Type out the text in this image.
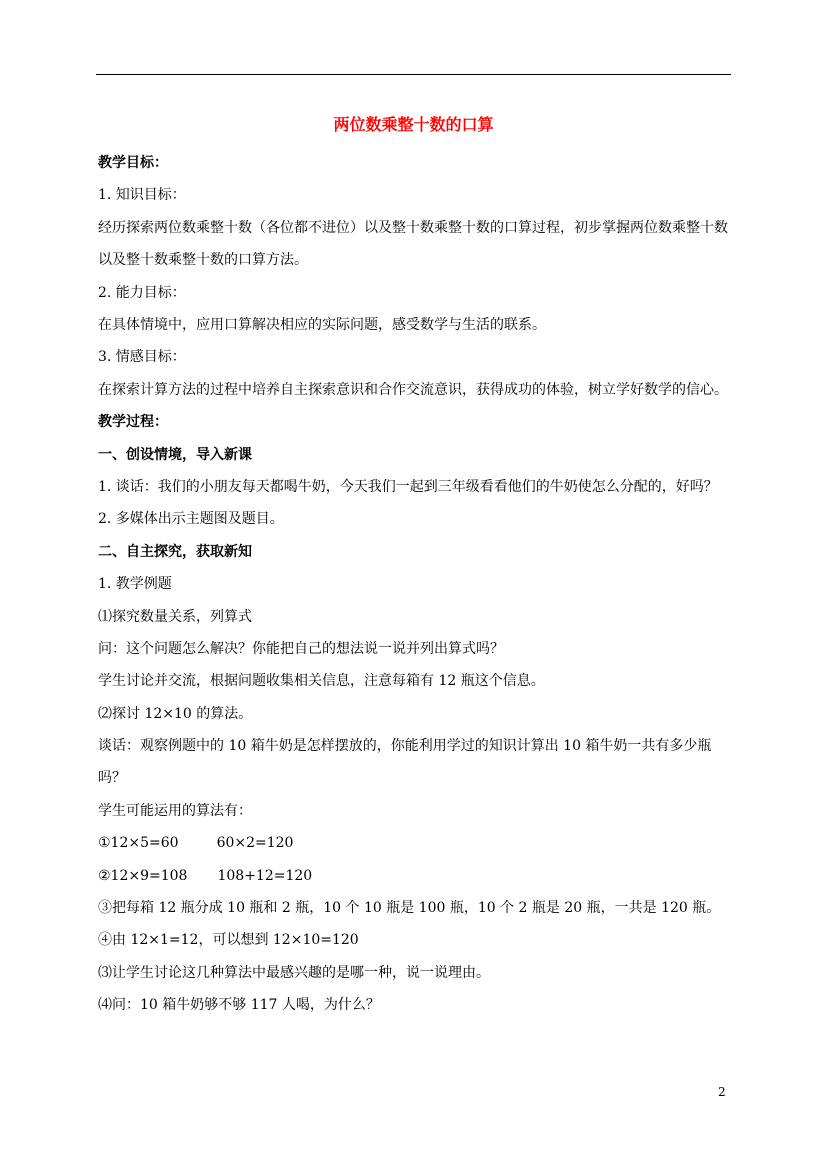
两位数乘整十数的口算
教学目标：
1. 知识目标：
经历探索两位数乘整十数（各位都不进位）以及整十数乘整十数的口算过程，初步掌握两位数乘整十数以及整十数乘整十数的口算方法。
2. 能力目标：
在具体情境中，应用口算解决相应的实际问题，感受数学与生活的联系。
3. 情感目标：
在探索计算方法的过程中培养自主探索意识和合作交流意识，获得成功的体验，树立学好数学的信心。
教学过程：
一、创设情境，导入新课
1. 谈话：我们的小朋友每天都喝牛奶，今天我们一起到三年级看看他们的牛奶使怎么分配的，好吗？
2. 多媒体出示主题图及题目。
二、自主探究，获取新知
1. 教学例题
⑴探究数量关系，列算式
问：这个问题怎么解决？你能把自己的想法说一说并列出算式吗？
学生讨论并交流，根据问题收集相关信息，注意每箱有 12 瓶这个信息。
⑵探讨 12×10 的算法。
谈话：观察例题中的 10 箱牛奶是怎样摆放的，你能利用学过的知识计算出 10 箱牛奶一共有多少瓶吗？
学生可能运用的算法有：
①12×5=60	60×2=120
②12×9=108 108+12=120
③把每箱 12 瓶分成 10 瓶和 2 瓶，10 个 10 瓶是 100 瓶，10 个 2 瓶是 20 瓶，一共是 120 瓶。
④由 12×1=12，可以想到 12×10=120
⑶让学生讨论这几种算法中最感兴趣的是哪一种，说一说理由。
⑷问：10 箱牛奶够不够 117 人喝，为什么？
2
